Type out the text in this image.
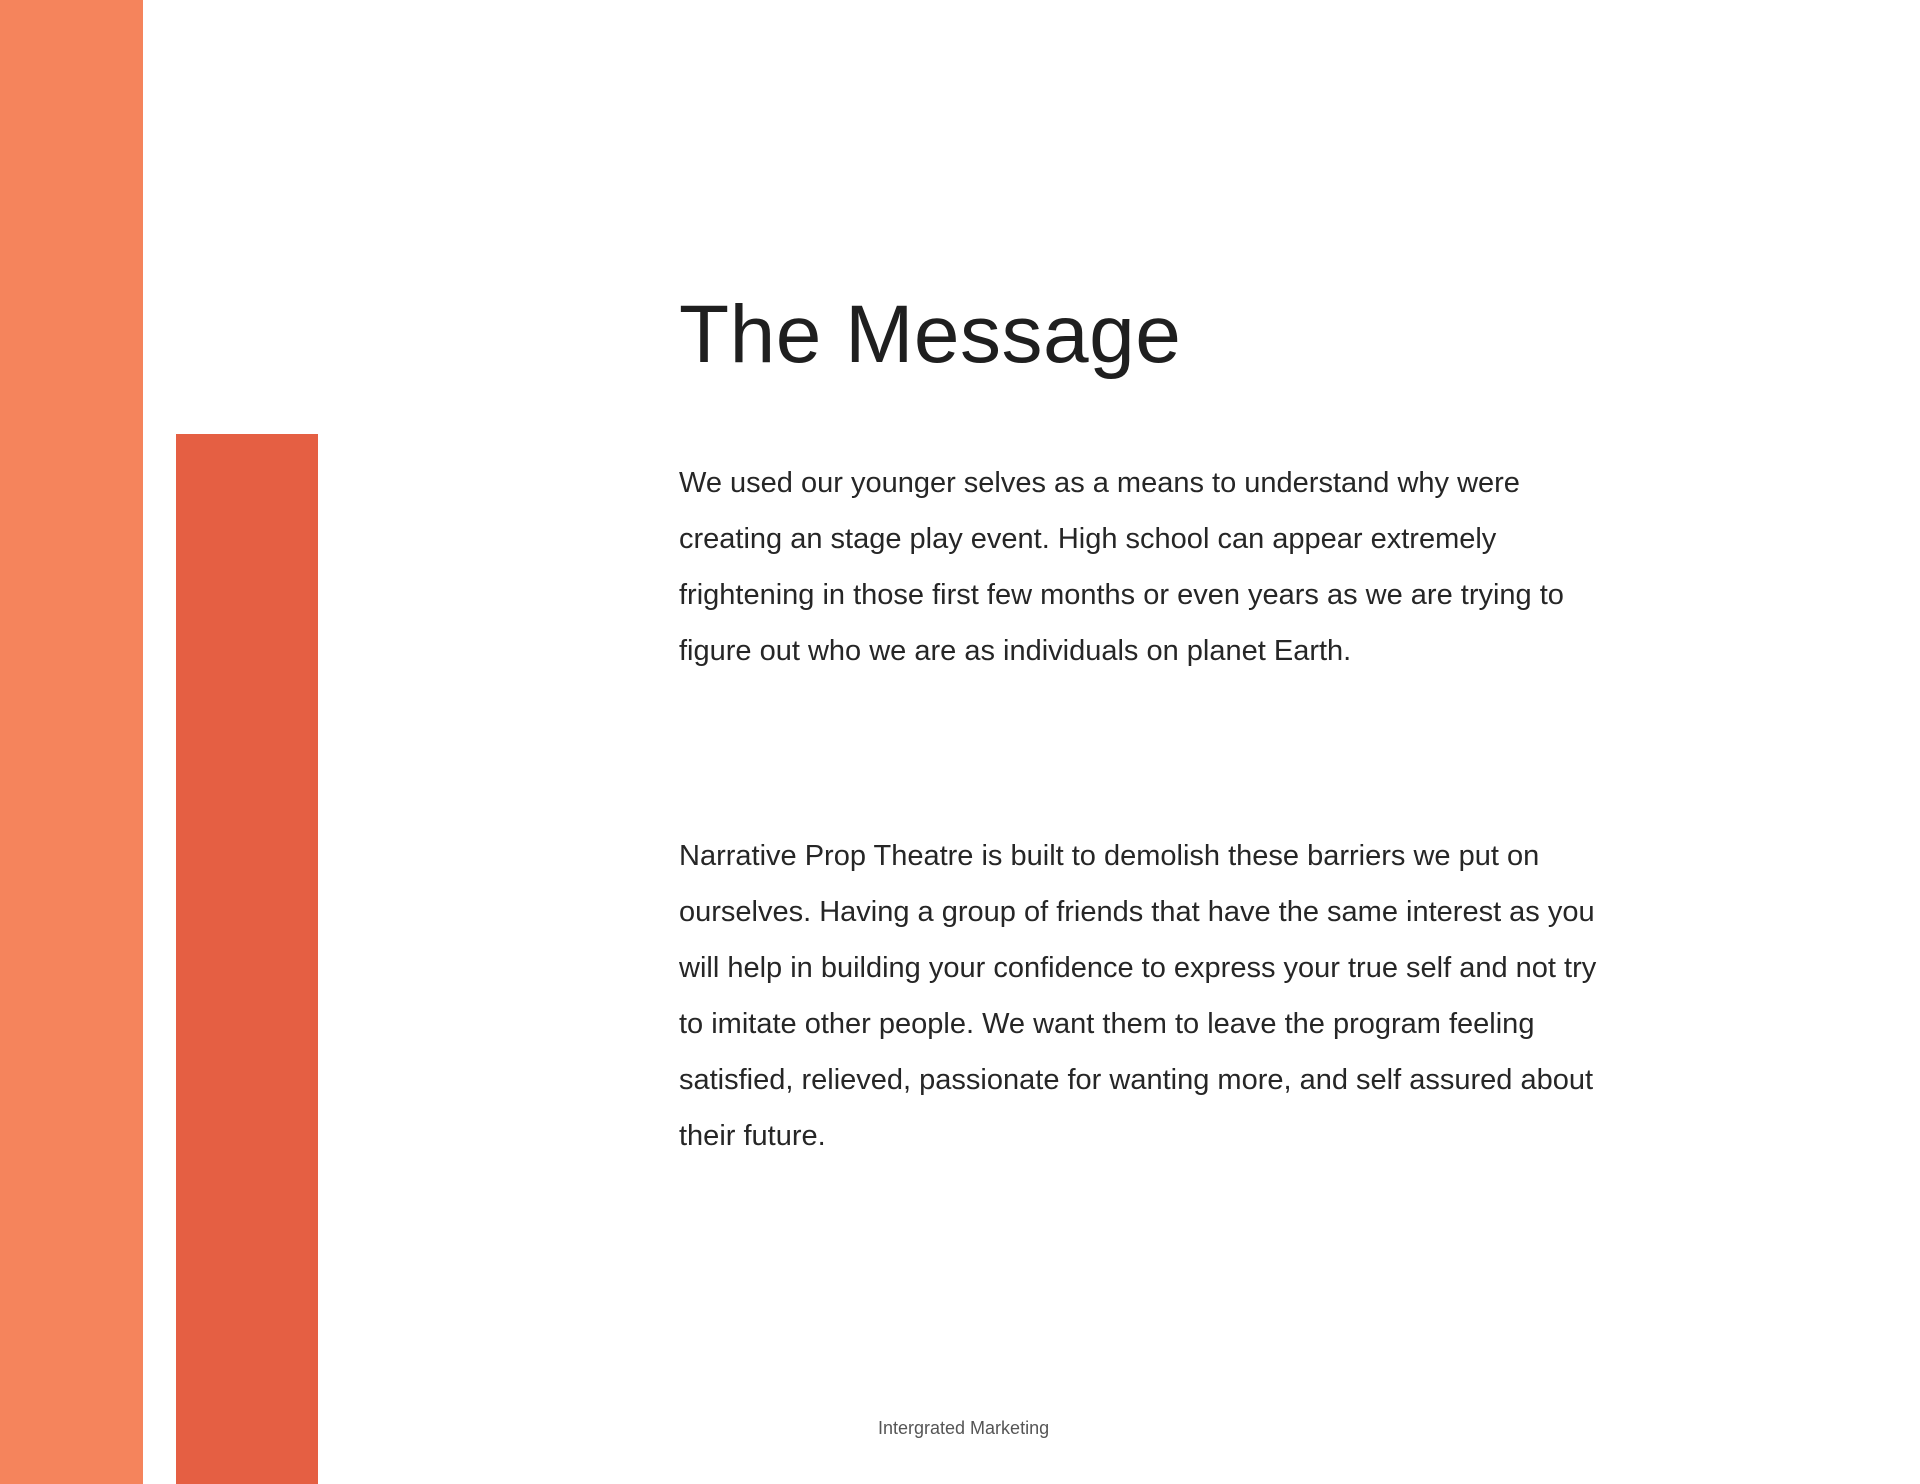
The Message

We used our younger selves as a means to understand why were creating an stage play event. High school can appear extremely frightening in those first few months or even years as we are trying to figure out who we are as individuals on planet Earth.

Narrative Prop Theatre is built to demolish these barriers we put on ourselves. Having a group of friends that have the same interest as you will help in building your confidence to express your true self and not try to imitate other people. We want them to leave the program feeling satisfied, relieved, passionate for wanting more, and self assured about their future.

Intergrated Marketing
